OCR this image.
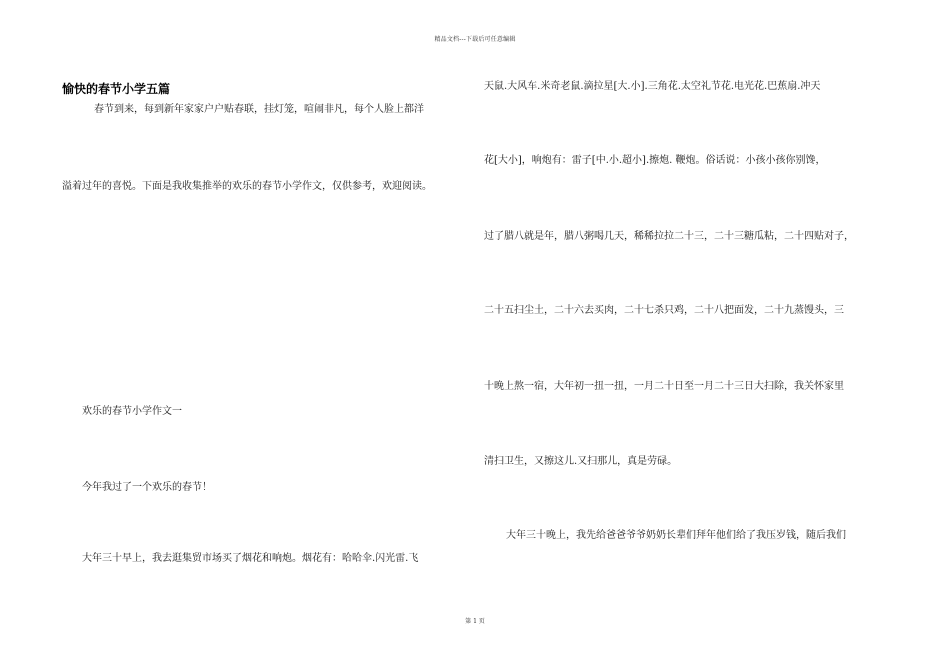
精品文档---下载后可任意编辑
愉快的春节小学五篇
春节到来，每到新年家家户户贴春联，挂灯笼，喧闹非凡，每个人脸上都洋
溢着过年的喜悦。下面是我收集推举的欢乐的春节小学作文，仅供参考，欢迎阅读。
欢乐的春节小学作文一
今年我过了一个欢乐的春节！
大年三十早上，我去逛集贸市场买了烟花和响炮。烟花有：哈哈伞.闪光雷.飞
天鼠.大风车.米奇老鼠.滴拉星[大.小].三角花.太空礼节花.电光花.巴蕉扇.冲天
花[大小]，响炮有：雷子[中.小.超小].擦炮. 鞭炮。俗话说：小孩小孩你别馋，
过了腊八就是年，腊八粥喝几天，稀稀拉拉二十三，二十三糖瓜粘，二十四贴对子，
二十五扫尘土，二十六去买肉，二十七杀只鸡，二十八把面发，二十九蒸馒头，三
十晚上熬一宿，大年初一扭一扭，一月二十日至一月二十三日大扫除，我关怀家里
清扫卫生，又擦这儿.又扫那儿，真是劳碌。
大年三十晚上，我先给爸爸爷爷奶奶长辈们拜年他们给了我压岁钱，随后我们
第 1 页
